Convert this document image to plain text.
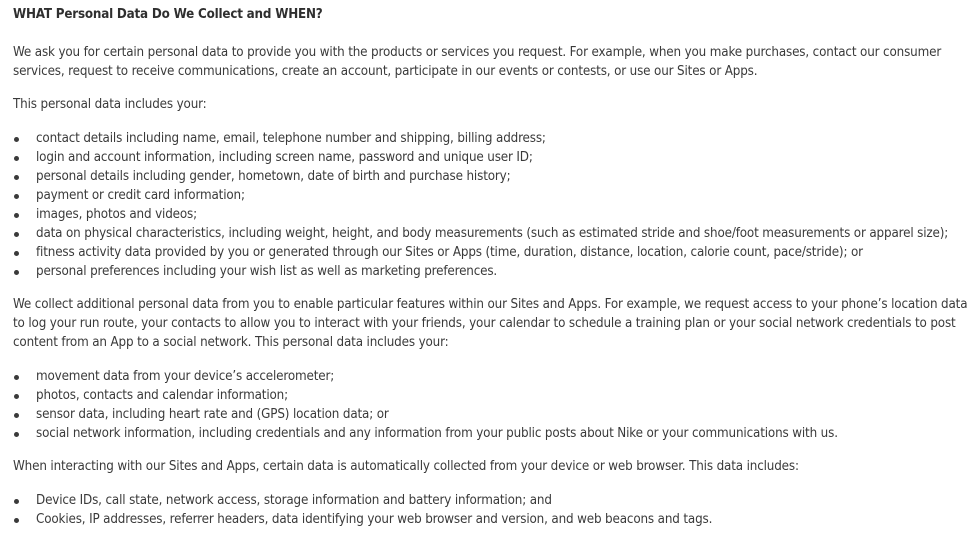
WHAT Personal Data Do We Collect and WHEN?

We ask you for certain personal data to provide you with the products or services you request. For example, when you make purchases, contact our consumer
services, request to receive communications, create an account, participate in our events or contests, or use our Sites or Apps.

This personal data includes your:

contact details including name, email, telephone number and shipping, billing address;
login and account information, including screen name, password and unique user ID;
personal details including gender, hometown, date of birth and purchase history;
payment or credit card information;
images, photos and videos;
data on physical characteristics, including weight, height, and body measurements (such as estimated stride and shoe/foot measurements or apparel size);
fitness activity data provided by you or generated through our Sites or Apps (time, duration, distance, location, calorie count, pace/stride); or
personal preferences including your wish list as well as marketing preferences.

We collect additional personal data from you to enable particular features within our Sites and Apps. For example, we request access to your phone’s location data
to log your run route, your contacts to allow you to interact with your friends, your calendar to schedule a training plan or your social network credentials to post
content from an App to a social network. This personal data includes your:

movement data from your device’s accelerometer;
photos, contacts and calendar information;
sensor data, including heart rate and (GPS) location data; or
social network information, including credentials and any information from your public posts about Nike or your communications with us.

When interacting with our Sites and Apps, certain data is automatically collected from your device or web browser. This data includes:

Device IDs, call state, network access, storage information and battery information; and
Cookies, IP addresses, referrer headers, data identifying your web browser and version, and web beacons and tags.
